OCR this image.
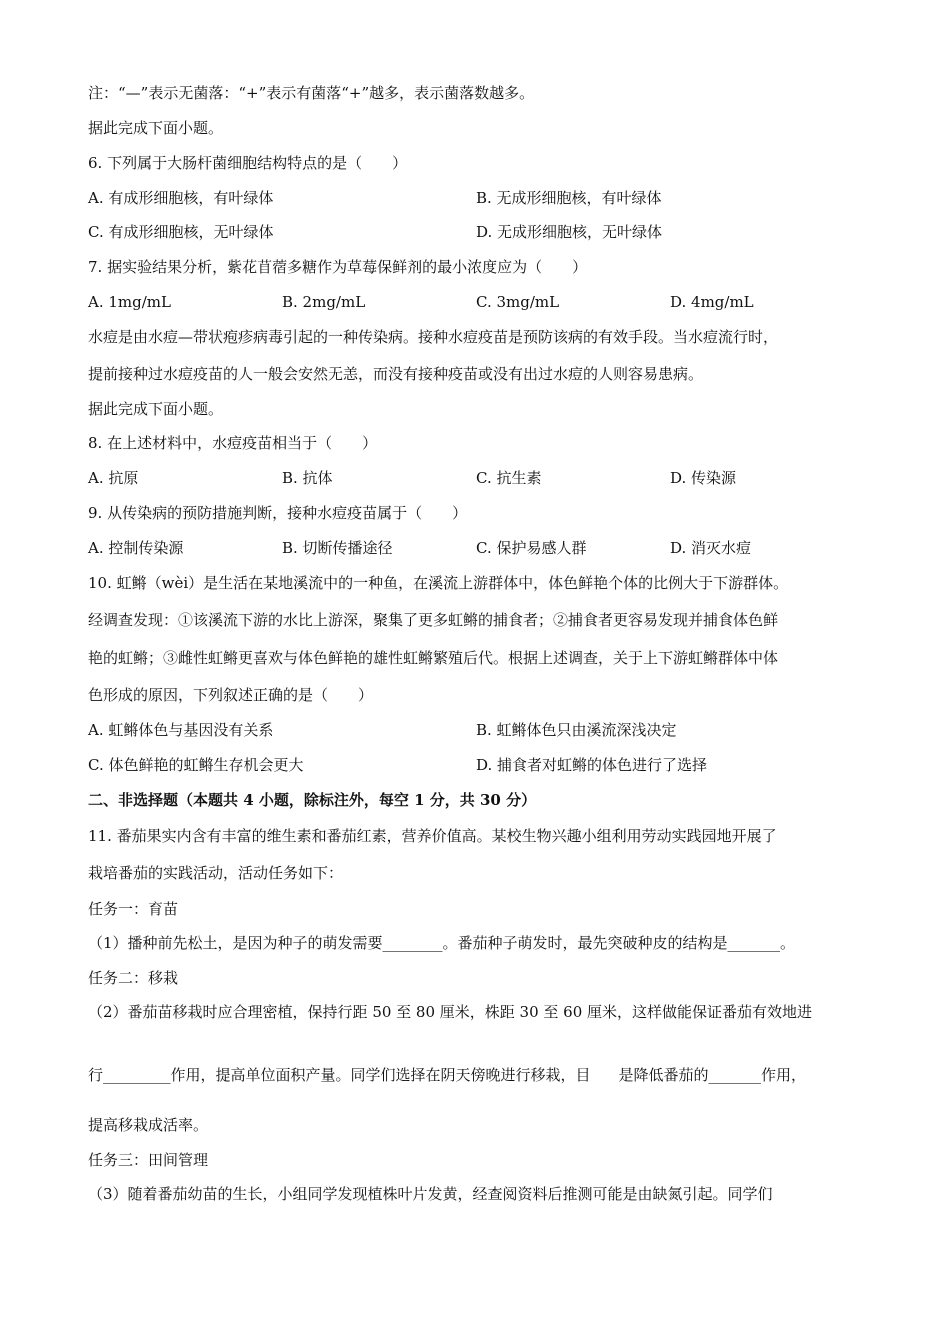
注：“—”表示无菌落：“+”表示有菌落“+”越多，表示菌落数越多。
据此完成下面小题。
6. 下列属于大肠杆菌细胞结构特点的是（　　）
A. 有成形细胞核，有叶绿体	B. 无成形细胞核，有叶绿体
C. 有成形细胞核，无叶绿体	D. 无成形细胞核，无叶绿体
7. 据实验结果分析，紫花苜蓿多糖作为草莓保鲜剂的最小浓度应为（　　）
A. 1mg/mL	B. 2mg/mL	C. 3mg/mL	D. 4mg/mL
水痘是由水痘—带状疱疹病毒引起的一种传染病。接种水痘疫苗是预防该病的有效手段。当水痘流行时，
提前接种过水痘疫苗的人一般会安然无恙，而没有接种疫苗或没有出过水痘的人则容易患病。
据此完成下面小题。
8. 在上述材料中，水痘疫苗相当于（　　）
A. 抗原	B. 抗体	C. 抗生素	D. 传染源
9. 从传染病的预防措施判断，接种水痘疫苗属于（　　）
A. 控制传染源	B. 切断传播途径	C. 保护易感人群	D. 消灭水痘
10. 虹鳉（wèi）是生活在某地溪流中的一种鱼，在溪流上游群体中，体色鲜艳个体的比例大于下游群体。
经调查发现：①该溪流下游的水比上游深，聚集了更多虹鳉的捕食者；②捕食者更容易发现并捕食体色鲜
艳的虹鳉；③雌性虹鳉更喜欢与体色鲜艳的雄性虹鳉繁殖后代。根据上述调查，关于上下游虹鳉群体中体
色形成的原因，下列叙述正确的是（　　）
A. 虹鳉体色与基因没有关系	B. 虹鳉体色只由溪流深浅决定
C. 体色鲜艳的虹鳉生存机会更大	D. 捕食者对虹鳉的体色进行了选择
二、非选择题（本题共 4 小题，除标注外，每空 1 分，共 30 分）
11. 番茄果实内含有丰富的维生素和番茄红素，营养价值高。某校生物兴趣小组利用劳动实践园地开展了
栽培番茄的实践活动，活动任务如下：
任务一：育苗
（1）播种前先松土，是因为种子的萌发需要________。番茄种子萌发时，最先突破种皮的结构是_______。
任务二：移栽
（2）番茄苗移栽时应合理密植，保持行距 50 至 80 厘米，株距 30 至 60 厘米，这样做能保证番茄有效地进
行_________作用，提高单位面积产量。同学们选择在阴天傍晚进行移栽，目 是降低番茄的_______作用，
提高移栽成活率。
任务三：田间管理
（3）随着番茄幼苗的生长，小组同学发现植株叶片发黄，经查阅资料后推测可能是由缺氮引起。同学们
